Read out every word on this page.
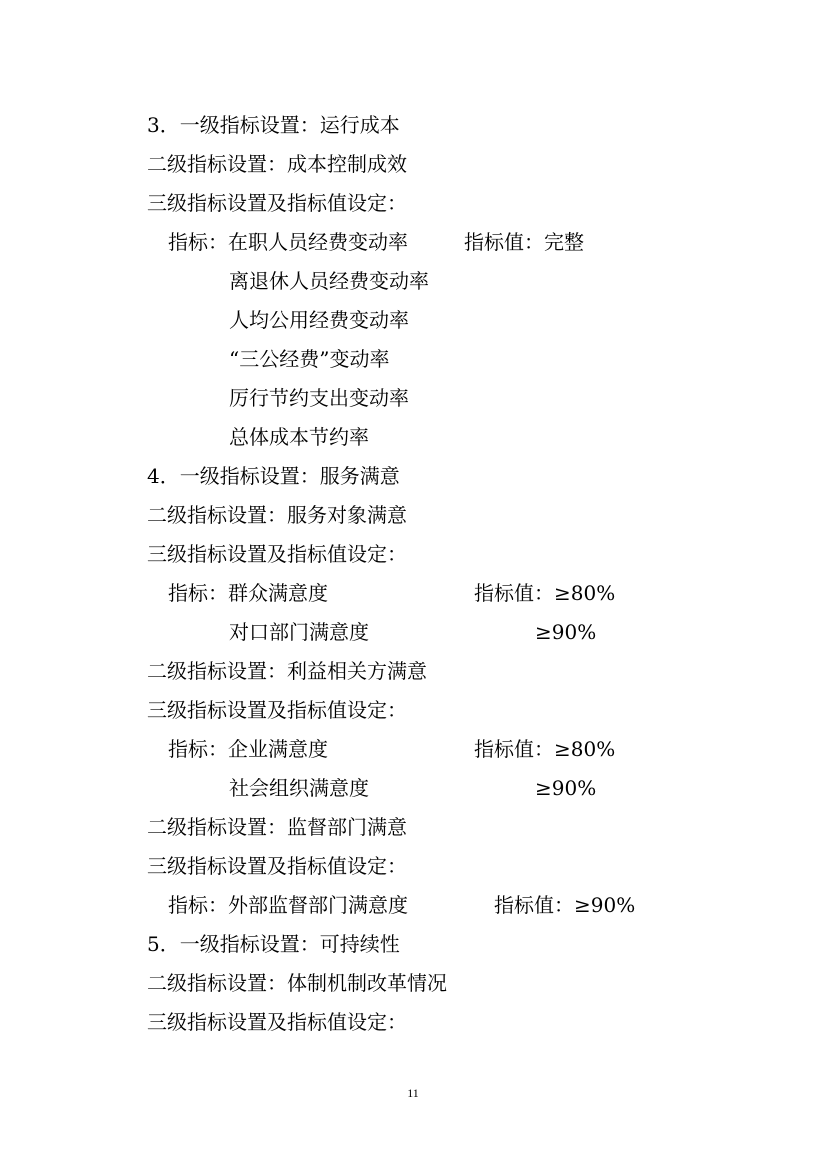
3．一级指标设置：运行成本
二级指标设置：成本控制成效
三级指标设置及指标值设定：
指标：在职人员经费变动率	指标值：完整
离退休人员经费变动率
人均公用经费变动率
“三公经费”变动率
厉行节约支出变动率
总体成本节约率
4．一级指标设置：服务满意
二级指标设置：服务对象满意
三级指标设置及指标值设定：
指标：群众满意度	指标值：≥80%
对口部门满意度	≥90%
二级指标设置：利益相关方满意
三级指标设置及指标值设定：
指标：企业满意度	指标值：≥80%
社会组织满意度	≥90%
二级指标设置：监督部门满意
三级指标设置及指标值设定：
指标：外部监督部门满意度	指标值：≥90%
5．一级指标设置：可持续性
二级指标设置：体制机制改革情况
三级指标设置及指标值设定：
11
